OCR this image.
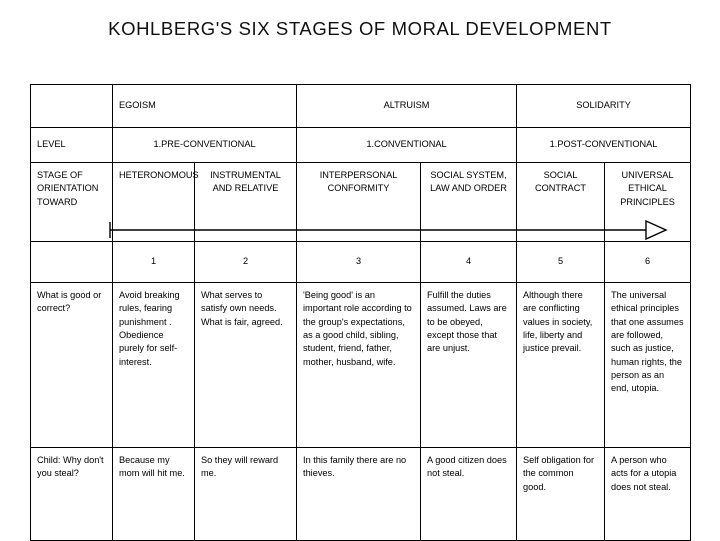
KOHLBERG'S SIX STAGES OF MORAL DEVELOPMENT
	EGOISM		ALTRUISM		SOLIDARITY	
LEVEL	1.PRE-CONVENTIONAL		1.CONVENTIONAL		1.POST-CONVENTIONAL	
STAGE OF ORIENTATION TOWARD	HETERONOMOUS	INSTRUMENTAL AND RELATIVE	INTERPERSONAL CONFORMITY	SOCIAL SYSTEM, LAW AND ORDER	SOCIAL CONTRACT	UNIVERSAL ETHICAL PRINCIPLES
	1	2	3	4	5	6
What is good or correct?	Avoid breaking rules, fearing punishment . Obedience purely for self-interest.	What serves to satisfy own needs. What is fair, agreed.	'Being good' is an important role according to the group's expectations, as a good child, sibling, student, friend, father, mother, husband, wife.	Fulfill the duties assumed. Laws are to be obeyed, except those that are unjust.	Although there are conflicting values in society, life, liberty and justice prevail.	The universal ethical principles that one assumes are followed, such as justice, human rights, the person as an end, utopia.
Child: Why don't you steal?	Because my mom will hit me.	So they will reward me.	In this family there are no thieves.	A good citizen does not steal.	Self obligation for the common good.	A person who acts for a utopia does not steal.
